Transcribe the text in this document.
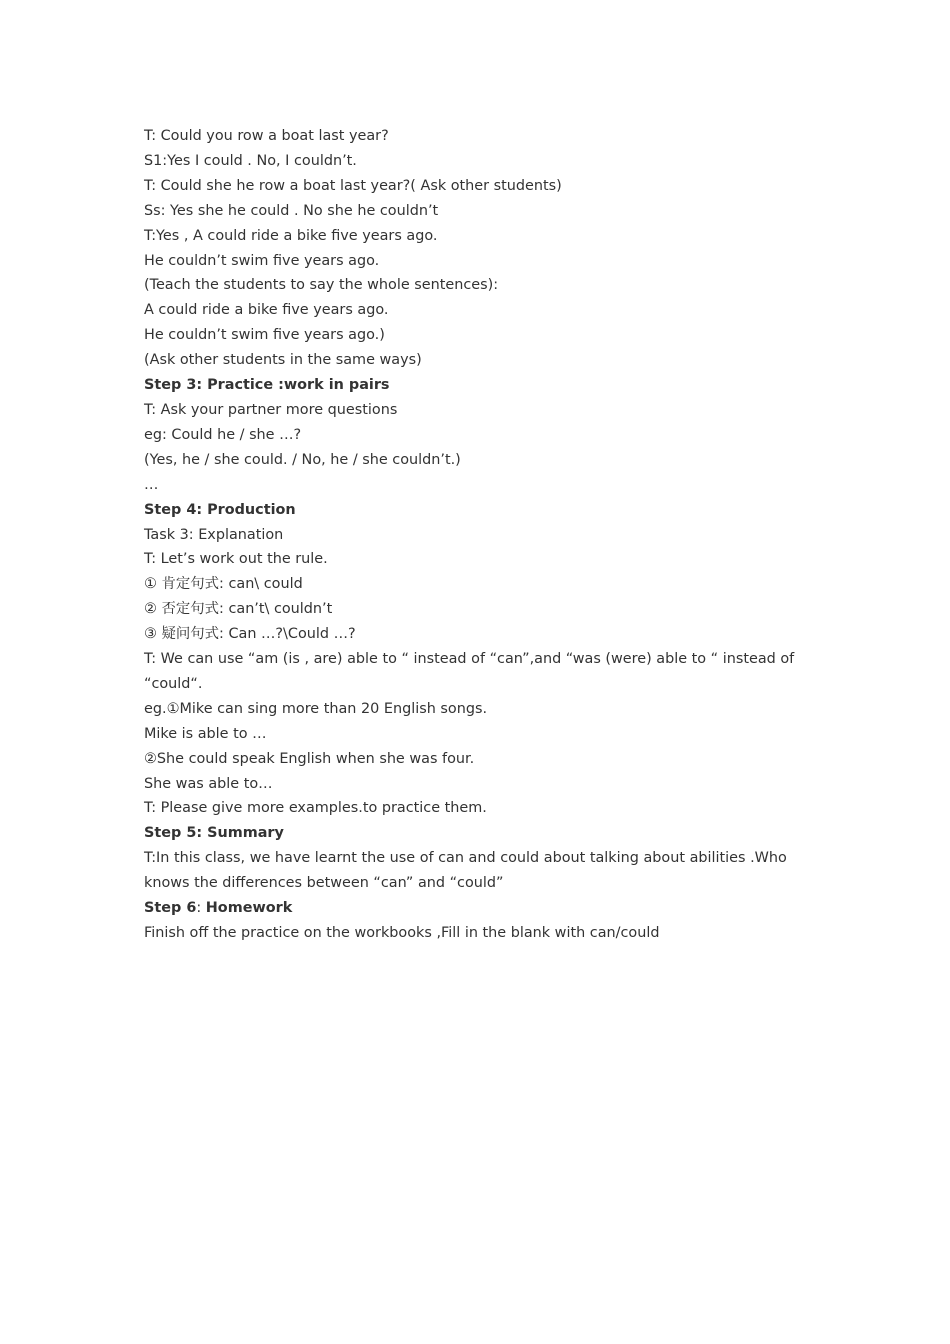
T: Could you row a boat last year?

S1:Yes I could . No, I couldn’t.

T: Could she he row a boat last year?( Ask other students)

Ss: Yes she he could . No she he couldn’t

T:Yes , A could ride a bike five years ago.

He couldn’t swim five years ago.

(Teach the students to say the whole sentences):

A could ride a bike five years ago.

He couldn’t swim five years ago.)

(Ask other students in the same ways)

Step 3: Practice :work in pairs

T: Ask your partner more questions

eg: Could he / she …?

(Yes, he / she could. / No, he / she couldn’t.)

…

Step 4: Production

Task 3: Explanation

T: Let’s work out the rule.

① 肯定句式: can\ could

② 否定句式: can’t\ couldn’t

③ 疑问句式: Can …?\Could …?

T: We can use “am (is , are) able to “ instead of “can”,and “was (were) able to “ instead of “could“.

eg.①Mike can sing more than 20 English songs.

Mike is able to …

②She could speak English when she was four.

She was able to…

T: Please give more examples.to practice them.

Step 5: Summary

T:In this class, we have learnt the use of can and could about talking about abilities .Who knows the differences between “can” and “could”

Step 6: Homework

Finish off the practice on the workbooks ,Fill in the blank with can/could
